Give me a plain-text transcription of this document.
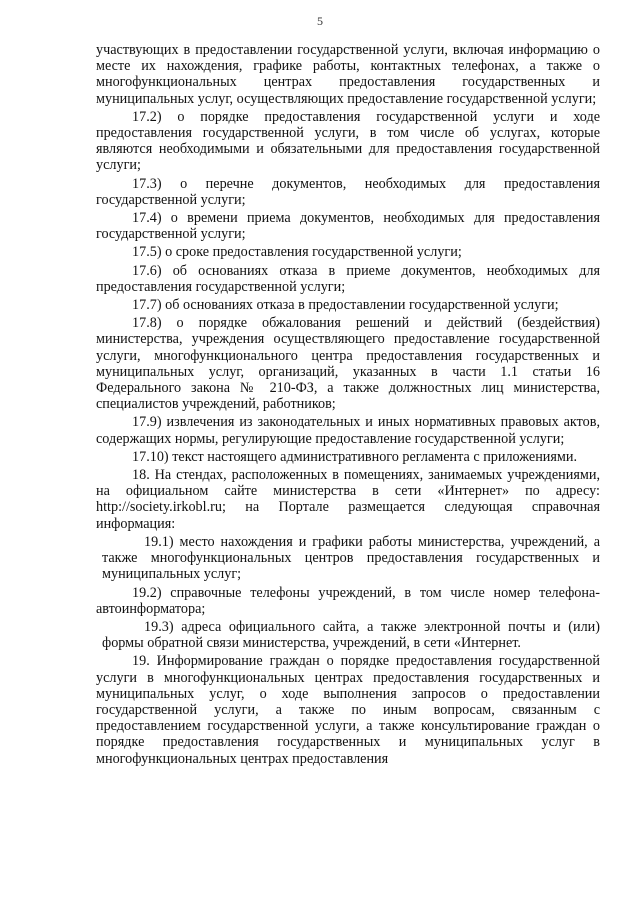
5

участвующих в предоставлении государственной услуги, включая информацию о месте их нахождения, графике работы, контактных телефонах, а также о многофункциональных центрах предоставления государственных и муниципальных услуг, осуществляющих предоставление государственной услуги;

17.2) о порядке предоставления государственной услуги и ходе предоставления государственной услуги, в том числе об услугах, которые являются необходимыми и обязательными для предоставления государственной услуги;

17.3) о перечне документов, необходимых для предоставления государственной услуги;

17.4) о времени приема документов, необходимых для предоставления государственной услуги;

17.5) о сроке предоставления государственной услуги;

17.6) об основаниях отказа в приеме документов, необходимых для предоставления государственной услуги;

17.7) об основаниях отказа в предоставлении государственной услуги;

17.8) о порядке обжалования решений и действий (бездействия) министерства, учреждения осуществляющего предоставление государственной услуги, многофункционального центра предоставления государственных и муниципальных услуг, организаций, указанных в части 1.1 статьи 16 Федерального закона № 210-ФЗ, а также должностных лиц министерства, специалистов учреждений, работников;

17.9) извлечения из законодательных и иных нормативных правовых актов, содержащих нормы, регулирующие предоставление государственной услуги;

17.10) текст настоящего административного регламента с приложениями.

18. На стендах, расположенных в помещениях, занимаемых учреждениями, на официальном сайте министерства в сети «Интернет» по адресу: http://society.irkobl.ru; на Портале размещается следующая справочная информация:

19.1) место нахождения и графики работы министерства, учреждений, а также многофункциональных центров предоставления государственных и муниципальных услуг;

19.2) справочные телефоны учреждений, в том числе номер телефона-автоинформатора;

19.3) адреса официального сайта, а также электронной почты и (или) формы обратной связи министерства, учреждений, в сети «Интернет.

19. Информирование граждан о порядке предоставления государственной услуги в многофункциональных центрах предоставления государственных и муниципальных услуг, о ходе выполнения запросов о предоставлении государственной услуги, а также по иным вопросам, связанным с предоставлением государственной услуги, а также консультирование граждан о порядке предоставления государственных и муниципальных услуг в многофункциональных центрах предоставления
